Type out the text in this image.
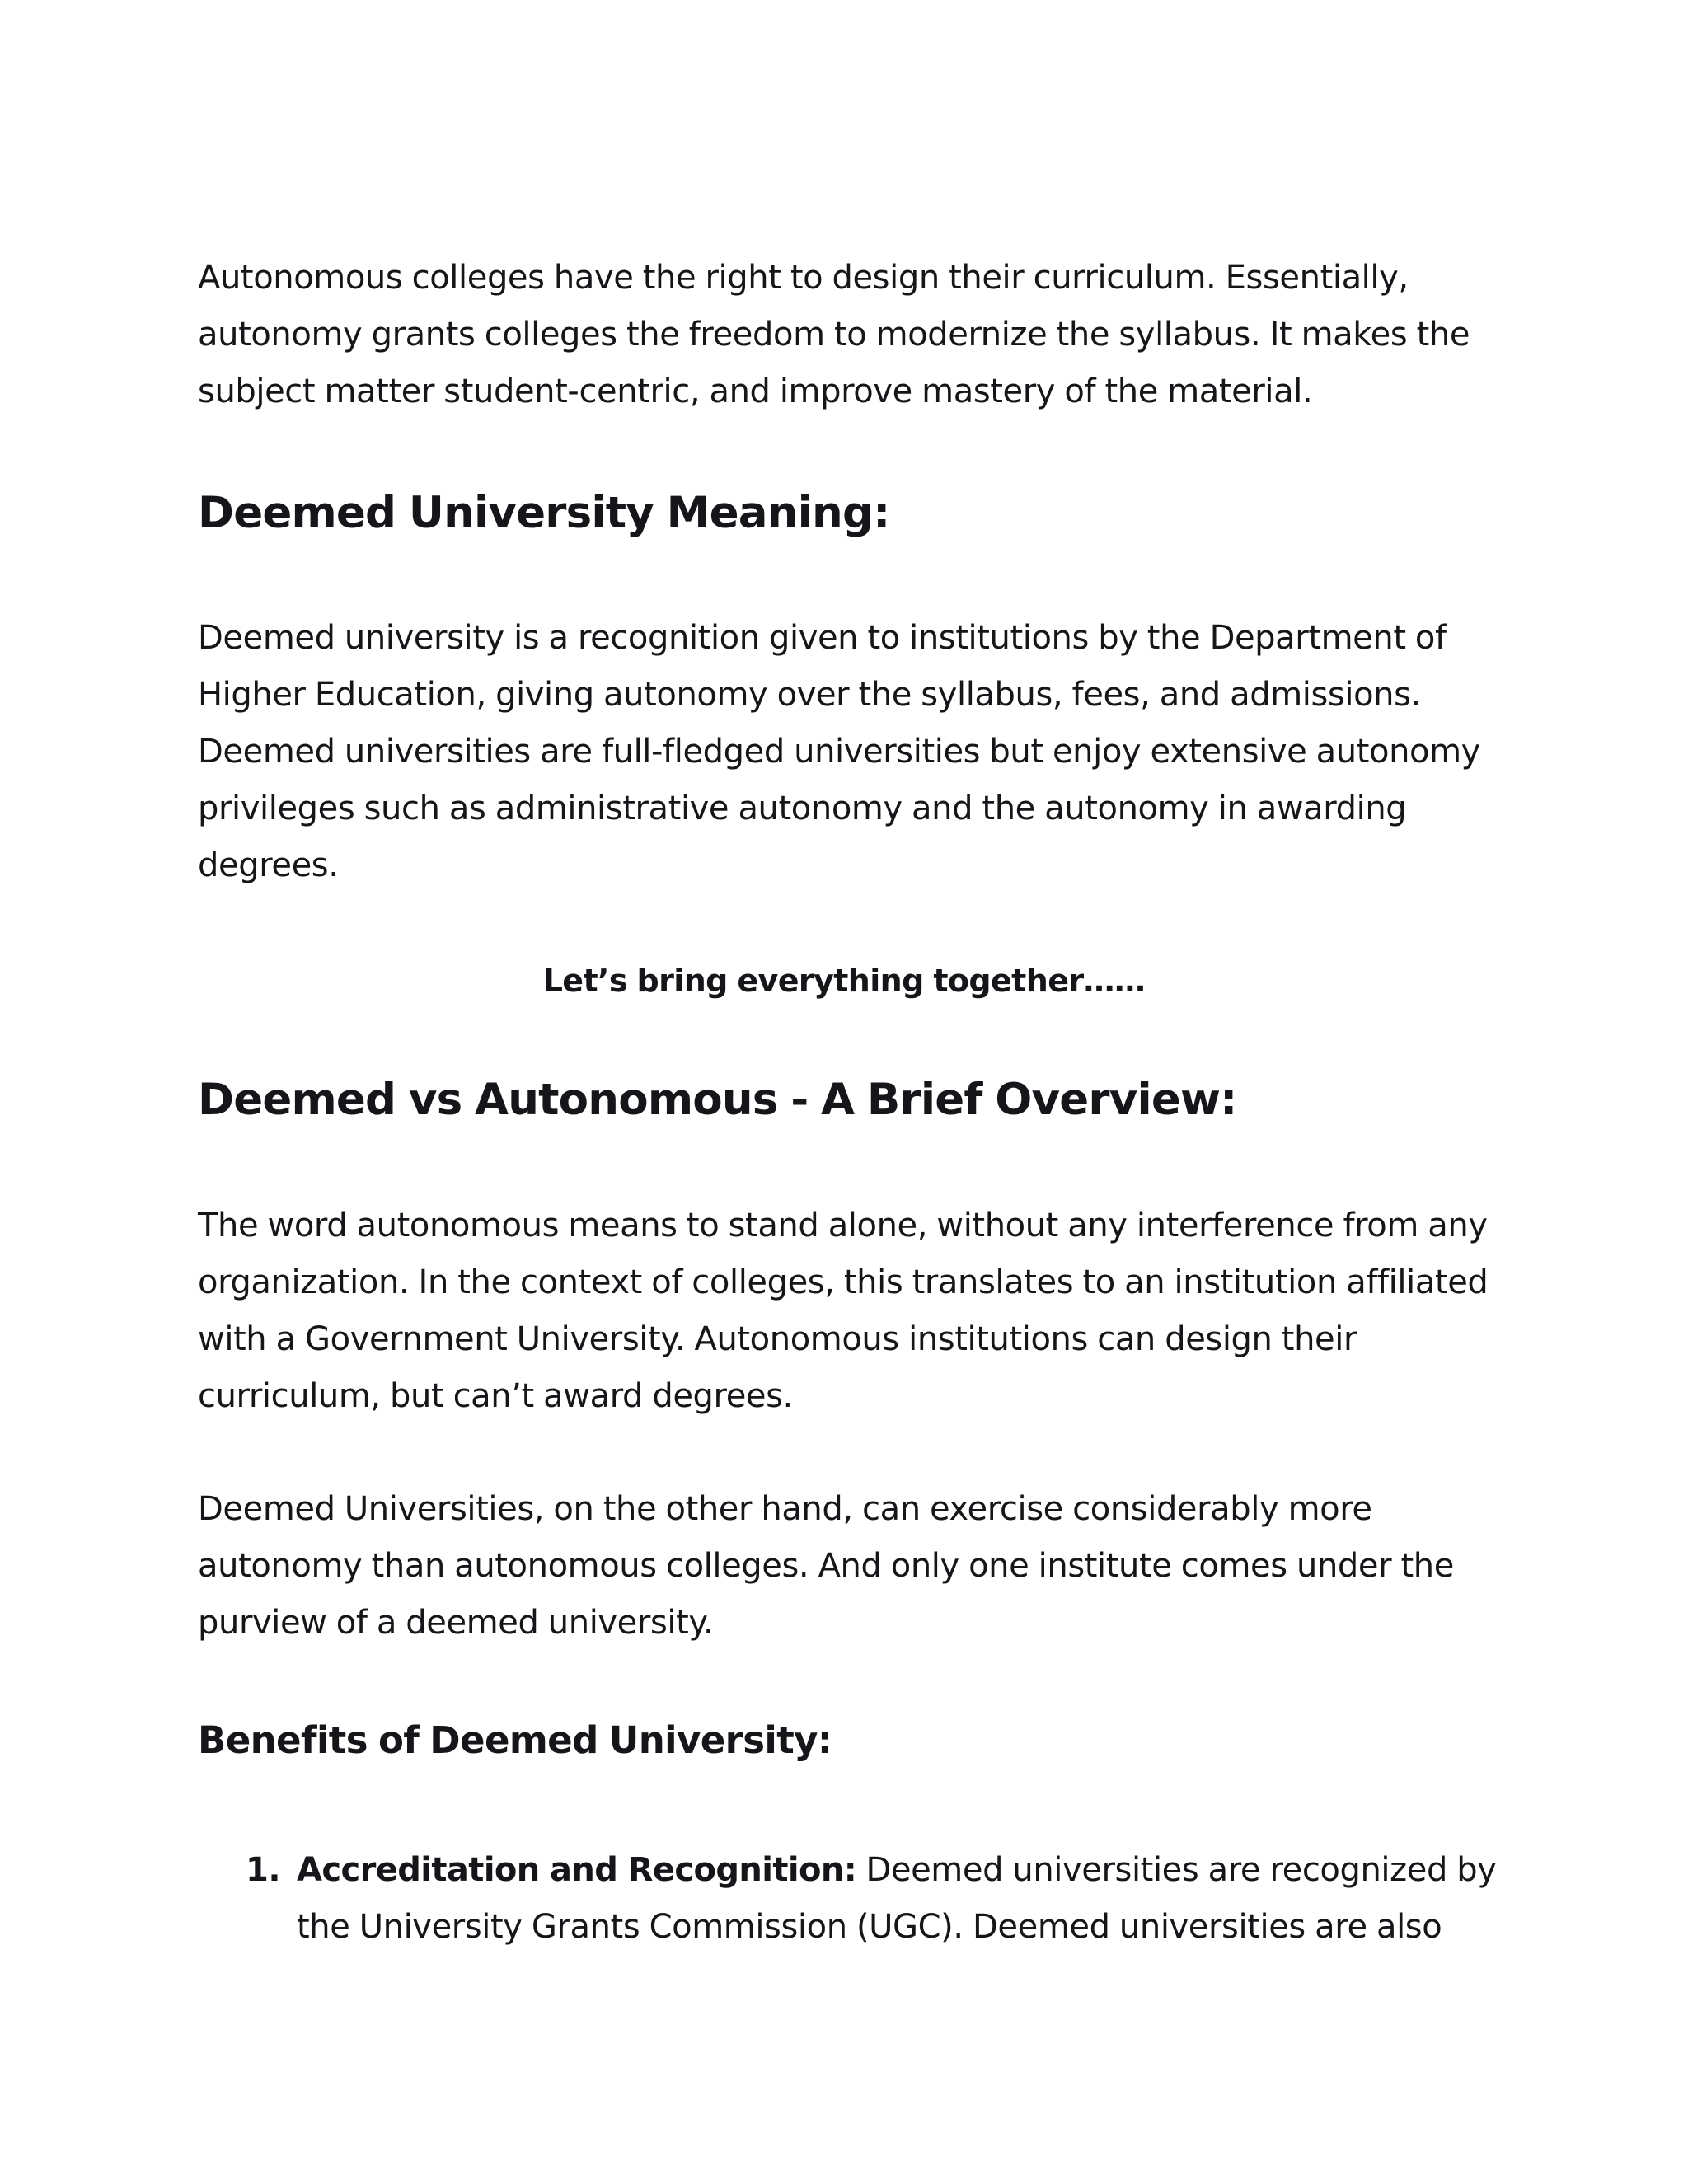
Autonomous colleges have the right to design their curriculum. Essentially, autonomy grants colleges the freedom to modernize the syllabus. It makes the subject matter student-centric, and improve mastery of the material.

Deemed University Meaning:

Deemed university is a recognition given to institutions by the Department of Higher Education, giving autonomy over the syllabus, fees, and admissions. Deemed universities are full-fledged universities but enjoy extensive autonomy privileges such as administrative autonomy and the autonomy in awarding degrees.

Let’s bring everything together……

Deemed vs Autonomous - A Brief Overview:

The word autonomous means to stand alone, without any interference from any organization. In the context of colleges, this translates to an institution affiliated with a Government University. Autonomous institutions can design their curriculum, but can’t award degrees.

Deemed Universities, on the other hand, can exercise considerably more autonomy than autonomous colleges. And only one institute comes under the purview of a deemed university.

Benefits of Deemed University:
1. Accreditation and Recognition: Deemed universities are recognized by the University Grants Commission (UGC). Deemed universities are also
